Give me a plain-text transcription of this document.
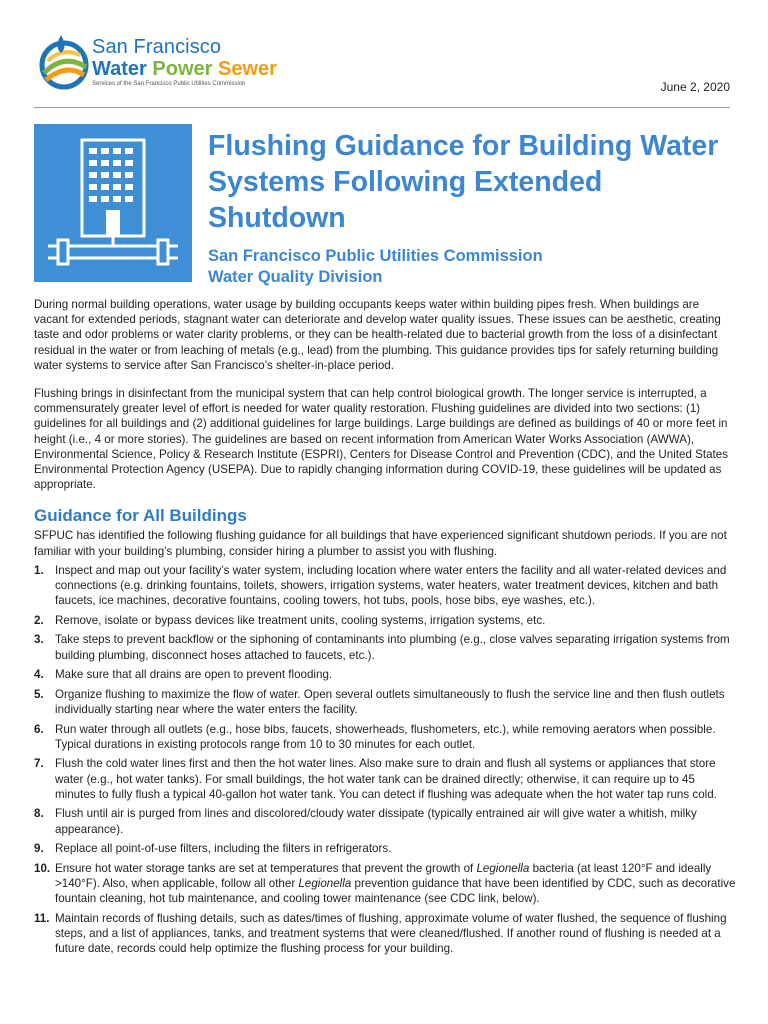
San Francisco
Water Power Sewer
Services of the San Francisco Public Utilities Commission	June 2, 2020
Flushing Guidance for Building Water Systems Following Extended Shutdown
San Francisco Public Utilities Commission
Water Quality Division

During normal building operations, water usage by building occupants keeps water within building pipes fresh. When buildings are vacant for extended periods, stagnant water can deteriorate and develop water quality issues. These issues can be aesthetic, creating taste and odor problems or water clarity problems, or they can be health-related due to bacterial growth from the loss of a disinfectant residual in the water or from leaching of metals (e.g., lead) from the plumbing. This guidance provides tips for safely returning building water systems to service after San Francisco’s shelter-in-place period.

Flushing brings in disinfectant from the municipal system that can help control biological growth. The longer service is interrupted, a commensurately greater level of effort is needed for water quality restoration. Flushing guidelines are divided into two sections: (1) guidelines for all buildings and (2) additional guidelines for large buildings. Large buildings are defined as buildings of 40 or more feet in height (i.e., 4 or more stories). The guidelines are based on recent information from American Water Works Association (AWWA), Environmental Science, Policy & Research Institute (ESPRI), Centers for Disease Control and Prevention (CDC), and the United States Environmental Protection Agency (USEPA). Due to rapidly changing information during COVID-19, these guidelines will be updated as appropriate.

Guidance for All Buildings

SFPUC has identified the following flushing guidance for all buildings that have experienced significant shutdown periods. If you are not familiar with your building’s plumbing, consider hiring a plumber to assist you with flushing.

1. Inspect and map out your facility’s water system, including location where water enters the facility and all water-related devices and connections (e.g. drinking fountains, toilets, showers, irrigation systems, water heaters, water treatment devices, kitchen and bath faucets, ice machines, decorative fountains, cooling towers, hot tubs, pools, hose bibs, eye washes, etc.).
2. Remove, isolate or bypass devices like treatment units, cooling systems, irrigation systems, etc.
3. Take steps to prevent backflow or the siphoning of contaminants into plumbing (e.g., close valves separating irrigation systems from building plumbing, disconnect hoses attached to faucets, etc.).
4. Make sure that all drains are open to prevent flooding.
5. Organize flushing to maximize the flow of water. Open several outlets simultaneously to flush the service line and then flush outlets individually starting near where the water enters the facility.
6. Run water through all outlets (e.g., hose bibs, faucets, showerheads, flushometers, etc.), while removing aerators when possible. Typical durations in existing protocols range from 10 to 30 minutes for each outlet.
7. Flush the cold water lines first and then the hot water lines. Also make sure to drain and flush all systems or appliances that store water (e.g., hot water tanks). For small buildings, the hot water tank can be drained directly; otherwise, it can require up to 45 minutes to fully flush a typical 40-gallon hot water tank. You can detect if flushing was adequate when the hot water tap runs cold.
8. Flush until air is purged from lines and discolored/cloudy water dissipate (typically entrained air will give water a whitish, milky appearance).
9. Replace all point-of-use filters, including the filters in refrigerators.
10. Ensure hot water storage tanks are set at temperatures that prevent the growth of Legionella bacteria (at least 120°F and ideally >140°F). Also, when applicable, follow all other Legionella prevention guidance that have been identified by CDC, such as decorative fountain cleaning, hot tub maintenance, and cooling tower maintenance (see CDC link, below).
11. Maintain records of flushing details, such as dates/times of flushing, approximate volume of water flushed, the sequence of flushing steps, and a list of appliances, tanks, and treatment systems that were cleaned/flushed. If another round of flushing is needed at a future date, records could help optimize the flushing process for your building.
